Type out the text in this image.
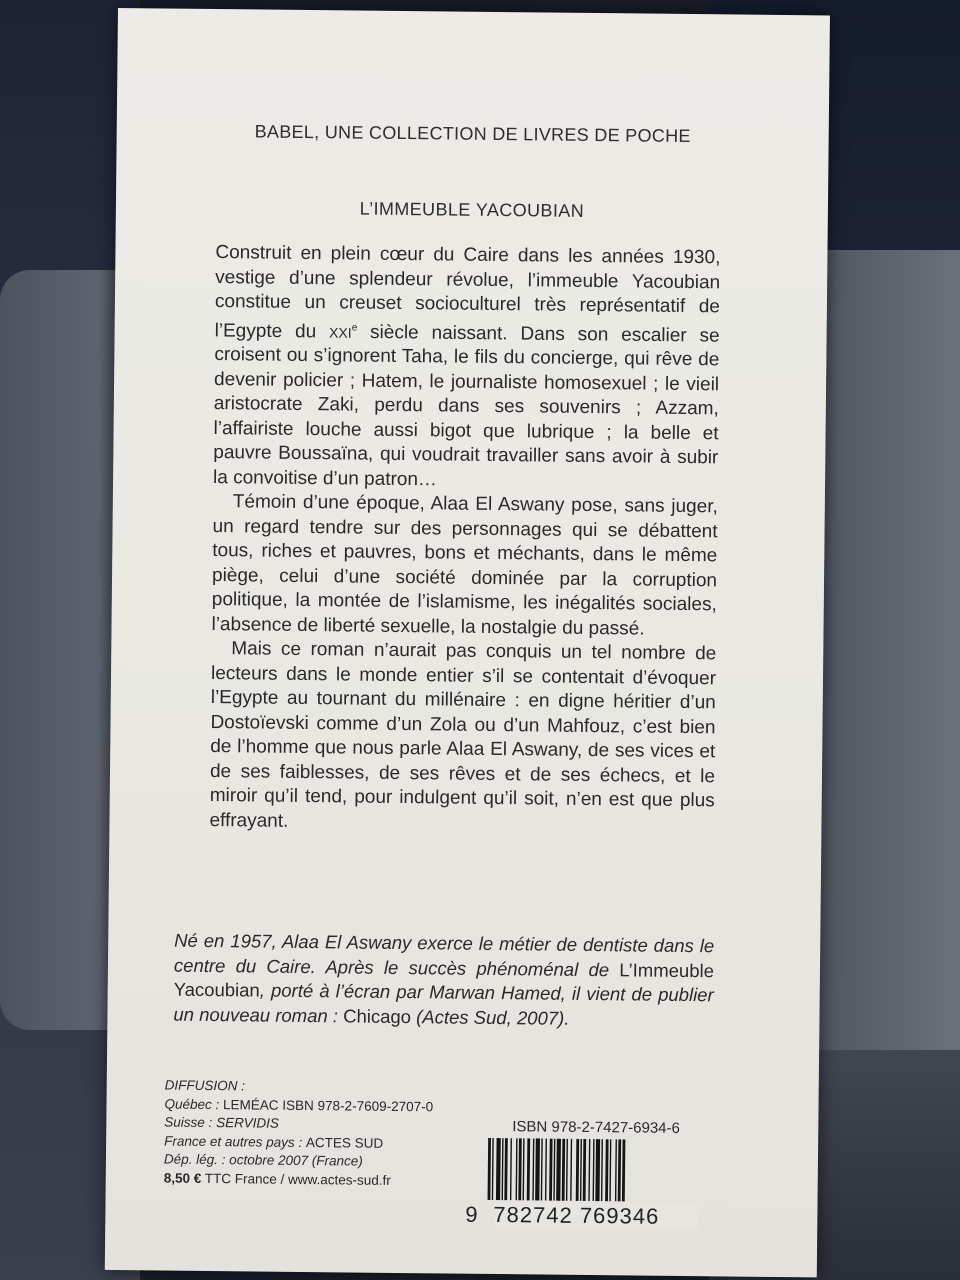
BABEL, UNE COLLECTION DE LIVRES DE POCHE
L’IMMEUBLE YACOUBIAN

Construit en plein cœur du Caire dans les années 1930, vestige d’une splendeur révolue, l’immeuble Yacoubian constitue un creuset socioculturel très représentatif de l’Egypte du XXIe siècle naissant. Dans son escalier se croisent ou s’ignorent Taha, le fils du concierge, qui rêve de devenir policier ; Hatem, le journaliste homosexuel ; le vieil aristocrate Zaki, perdu dans ses souvenirs ; Azzam, l’affairiste louche aussi bigot que lubrique ; la belle et pauvre Boussaïna, qui voudrait travailler sans avoir à subir la convoitise d’un patron…

Témoin d’une époque, Alaa El Aswany pose, sans juger, un regard tendre sur des personnages qui se débattent tous, riches et pauvres, bons et méchants, dans le même piège, celui d’une société dominée par la corruption politique, la montée de l’islamisme, les inégalités sociales, l’absence de liberté sexuelle, la nostalgie du passé.

Mais ce roman n’aurait pas conquis un tel nombre de lecteurs dans le monde entier s’il se contentait d’évoquer l’Egypte au tournant du millénaire : en digne héritier d’un Dostoïevski comme d’un Zola ou d’un Mahfouz, c’est bien de l’homme que nous parle Alaa El Aswany, de ses vices et de ses faiblesses, de ses rêves et de ses échecs, et le miroir qu’il tend, pour indulgent qu’il soit, n’en est que plus effrayant.

Né en 1957, Alaa El Aswany exerce le métier de dentiste dans le centre du Caire. Après le succès phénoménal de L’Immeuble Yacoubian, porté à l’écran par Marwan Hamed, il vient de publier un nouveau roman : Chicago (Actes Sud, 2007).
DIFFUSION :
Québec : LEMÉAC ISBN 978-2-7609-2707-0
Suisse : SERVIDIS
France et autres pays : ACTES SUD
Dép. lég. : octobre 2007 (France)
8,50 € TTC France / www.actes-sud.fr
ISBN 978-2-7427-6934-6
9 782742 769346
